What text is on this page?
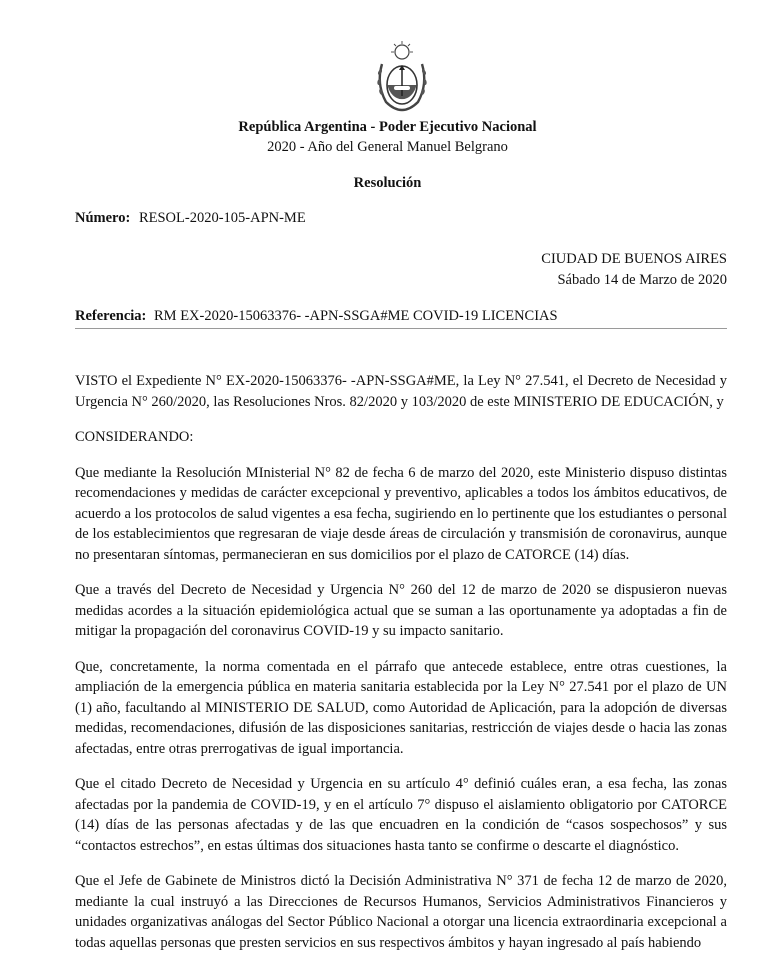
República Argentina - Poder Ejecutivo Nacional
2020 - Año del General Manuel Belgrano
Resolución
Número: RESOL-2020-105-APN-ME
CIUDAD DE BUENOS AIRES
Sábado 14 de Marzo de 2020
Referencia: RM EX-2020-15063376- -APN-SSGA#ME COVID-19 LICENCIAS

VISTO el Expediente N° EX-2020-15063376- -APN-SSGA#ME, la Ley N° 27.541, el Decreto de Necesidad y Urgencia N° 260/2020, las Resoluciones Nros. 82/2020 y 103/2020 de este MINISTERIO DE EDUCACIÓN, y

CONSIDERANDO:

Que mediante la Resolución MInisterial N° 82 de fecha 6 de marzo del 2020, este Ministerio dispuso distintas recomendaciones y medidas de carácter excepcional y preventivo, aplicables a todos los ámbitos educativos, de acuerdo a los protocolos de salud vigentes a esa fecha, sugiriendo en lo pertinente que los estudiantes o personal de los establecimientos que regresaran de viaje desde áreas de circulación y transmisión de coronavirus, aunque no presentaran síntomas, permanecieran en sus domicilios por el plazo de CATORCE (14) días.

Que a través del Decreto de Necesidad y Urgencia N° 260 del 12 de marzo de 2020 se dispusieron nuevas medidas acordes a la situación epidemiológica actual que se suman a las oportunamente ya adoptadas a fin de mitigar la propagación del coronavirus COVID-19 y su impacto sanitario.

Que, concretamente, la norma comentada en el párrafo que antecede establece, entre otras cuestiones, la ampliación de la emergencia pública en materia sanitaria establecida por la Ley N° 27.541 por el plazo de UN (1) año, facultando al MINISTERIO DE SALUD, como Autoridad de Aplicación, para la adopción de diversas medidas, recomendaciones, difusión de las disposiciones sanitarias, restricción de viajes desde o hacia las zonas afectadas, entre otras prerrogativas de igual importancia.

Que el citado Decreto de Necesidad y Urgencia en su artículo 4° definió cuáles eran, a esa fecha, las zonas afectadas por la pandemia de COVID-19, y en el artículo 7° dispuso el aislamiento obligatorio por CATORCE (14) días de las personas afectadas y de las que encuadren en la condición de “casos sospechosos” y sus “contactos estrechos”, en estas últimas dos situaciones hasta tanto se confirme o descarte el diagnóstico.

Que el Jefe de Gabinete de Ministros dictó la Decisión Administrativa N° 371 de fecha 12 de marzo de 2020, mediante la cual instruyó a las Direcciones de Recursos Humanos, Servicios Administrativos Financieros y unidades organizativas análogas del Sector Público Nacional a otorgar una licencia extraordinaria excepcional a todas aquellas personas que presten servicios en sus respectivos ámbitos y hayan ingresado al país habiendo
